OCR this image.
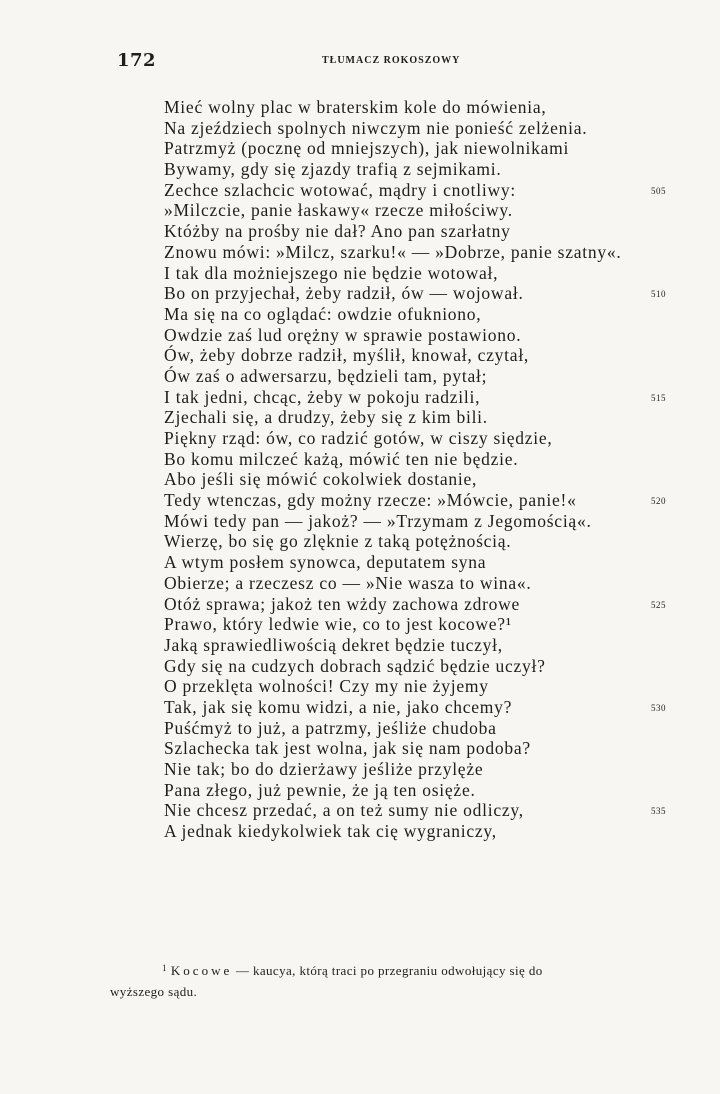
172	TŁUMACZ ROKOSZOWY
Mieć wolny plac w braterskim kole do mówienia,
Na zjeździech spolnych niwczym nie ponieść zelżenia.
Patrzmyż (pocznę od mniejszych), jak niewolnikami
Bywamy, gdy się zjazdy trafią z sejmikami.
Zechce szlachcic wotować, mądry i cnotliwy:	505
»Milczcie, panie łaskawy« rzecze miłościwy.
Któżby na prośby nie dał? Ano pan szarłatny
Znowu mówi: »Milcz, szarku!« — »Dobrze, panie szatny«.
I tak dla możniejszego nie będzie wotował,
Bo on przyjechał, żeby radził, ów — wojował.	510
Ma się na co oglądać: owdzie ofukniono,
Owdzie zaś lud orężny w sprawie postawiono.
Ów, żeby dobrze radził, myślił, knował, czytał,
Ów zaś o adwersarzu, będzieli tam, pytał;
I tak jedni, chcąc, żeby w pokoju radzili,	515
Zjechali się, a drudzy, żeby się z kim bili.
Piękny rząd: ów, co radzić gotów, w ciszy siędzie,
Bo komu milczeć każą, mówić ten nie będzie.
Abo jeśli się mówić cokolwiek dostanie,
Tedy wtenczas, gdy możny rzecze: »Mówcie, panie!«	520
Mówi tedy pan — jakoż? — »Trzymam z Jegomością«.
Wierzę, bo się go zlęknie z taką potężnością.
A wtym posłem synowca, deputatem syna
Obierze; a rzeczesz co — »Nie wasza to wina«.
Otóż sprawa; jakoż ten wżdy zachowa zdrowe	525
Prawo, który ledwie wie, co to jest kocowe?¹
Jaką sprawiedliwością dekret będzie tuczył,
Gdy się na cudzych dobrach sądzić będzie uczył?
O przeklęta wolności! Czy my nie żyjemy
Tak, jak się komu widzi, a nie, jako chcemy?	530
Puśćmyż to już, a patrzmy, jeśliże chudoba
Szlachecka tak jest wolna, jak się nam podoba?
Nie tak; bo do dzierżawy jeśliże przylęże
Pana złego, już pewnie, że ją ten osięże.
Nie chcesz przedać, a on też sumy nie odliczy,	535
A jednak kiedykolwiek tak cię wygraniczy,
$^1$ Kocowe — kaucya, którą traci po przegraniu odwołujący się do
wyższego sądu.
